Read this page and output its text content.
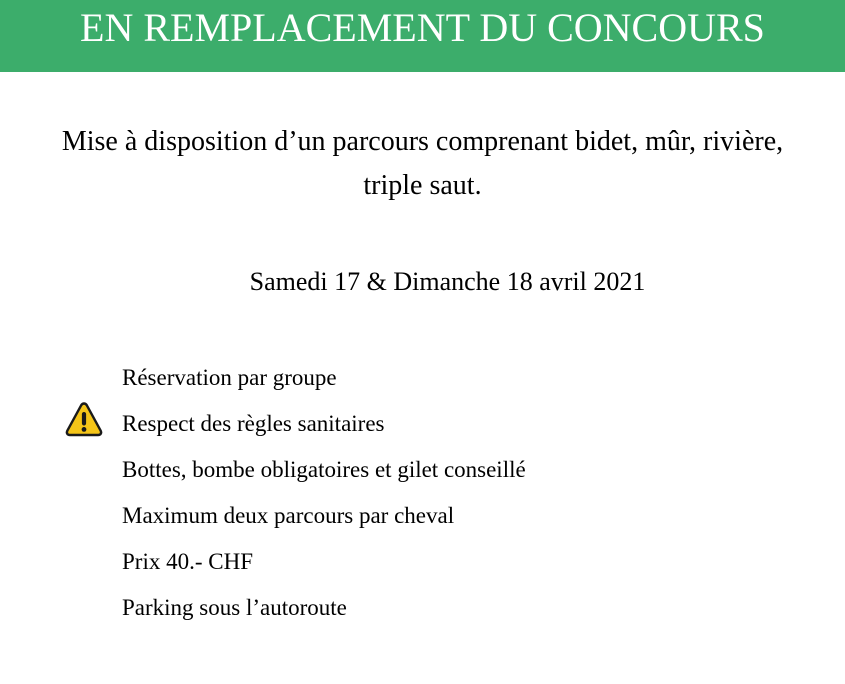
EN REMPLACEMENT DU CONCOURS
Mise à disposition d’un parcours comprenant bidet, mûr, rivière, triple saut.
Samedi 17 & Dimanche 18 avril 2021
Réservation par groupe
Respect des règles sanitaires
Bottes, bombe obligatoires et gilet conseillé
Maximum deux parcours par cheval
Prix 40.- CHF
Parking sous l’autoroute
